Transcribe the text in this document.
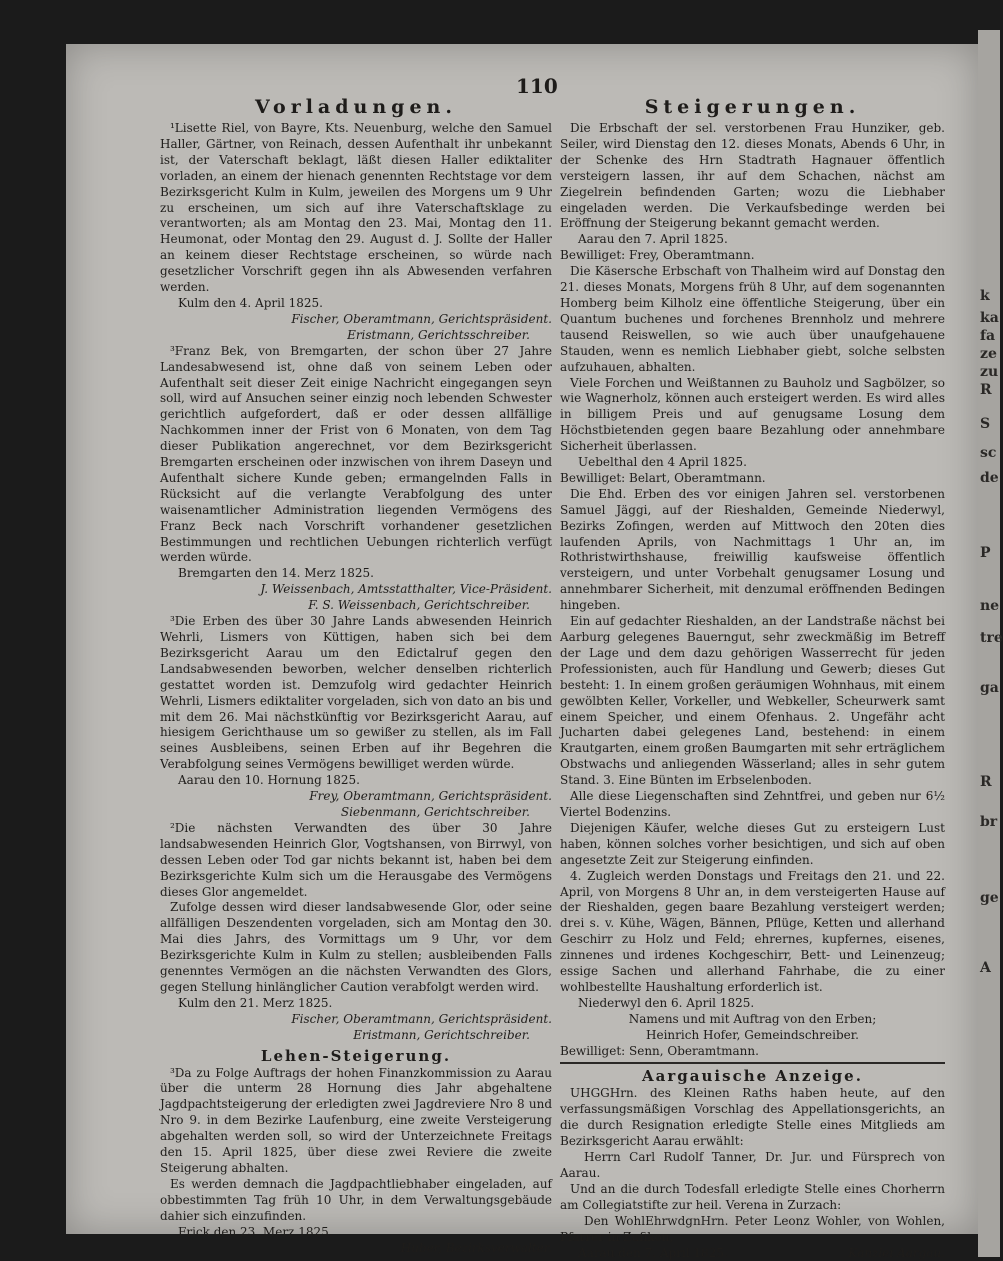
k
ka
fa
ze
zu
R
S
sc
de
P
ne
tre
ga
R
br
ge
A
110
Vorladungen.

¹Lisette Riel, von Bayre, Kts. Neuenburg, welche den Samuel Haller, Gärtner, von Reinach, dessen Aufenthalt ihr unbekannt ist, der Vaterschaft beklagt, läßt diesen Haller ediktaliter vorladen, an einem der hienach genennten Rechtstage vor dem Bezirksgericht Kulm in Kulm, jeweilen des Morgens um 9 Uhr zu erscheinen, um sich auf ihre Vaterschaftsklage zu verantworten; als am Montag den 23. Mai, Montag den 11. Heumonat, oder Montag den 29. August d. J. Sollte der Haller an keinem dieser Rechtstage erscheinen, so würde nach gesetzlicher Vorschrift gegen ihn als Abwesenden verfahren werden.

Kulm den 4. April 1825.

Fischer, Oberamtmann, Gerichtspräsident.

Eristmann, Gerichtsschreiber.

³Franz Bek, von Bremgarten, der schon über 27 Jahre Landesabwesend ist, ohne daß von seinem Leben oder Aufenthalt seit dieser Zeit einige Nachricht eingegangen seyn soll, wird auf Ansuchen seiner einzig noch lebenden Schwester gerichtlich aufgefordert, daß er oder dessen allfällige Nachkommen inner der Frist von 6 Monaten, von dem Tag dieser Publikation angerechnet, vor dem Bezirksgericht Bremgarten erscheinen oder inzwischen von ihrem Daseyn und Aufenthalt sichere Kunde geben; ermangelnden Falls in Rücksicht auf die verlangte Verabfolgung des unter waisenamtlicher Administration liegenden Vermögens des Franz Beck nach Vorschrift vorhandener gesetzlichen Bestimmungen und rechtlichen Uebungen richterlich verfügt werden würde.

Bremgarten den 14. Merz 1825.

J. Weissenbach, Amtsstatthalter, Vice-Präsident.

F. S. Weissenbach, Gerichtschreiber.

³Die Erben des über 30 Jahre Lands abwesenden Heinrich Wehrli, Lismers von Küttigen, haben sich bei dem Bezirksgericht Aarau um den Edictalruf gegen den Landsabwesenden beworben, welcher denselben richterlich gestattet worden ist. Demzufolg wird gedachter Heinrich Wehrli, Lismers ediktaliter vorgeladen, sich von dato an bis und mit dem 26. Mai nächstkünftig vor Bezirksgericht Aarau, auf hiesigem Gerichthause um so gewißer zu stellen, als im Fall seines Ausbleibens, seinen Erben auf ihr Begehren die Verabfolgung seines Vermögens bewilliget werden würde.

Aarau den 10. Hornung 1825.

Frey, Oberamtmann, Gerichtspräsident.

Siebenmann, Gerichtschreiber.

²Die nächsten Verwandten des über 30 Jahre landsabwesenden Heinrich Glor, Vogtshansen, von Birrwyl, von dessen Leben oder Tod gar nichts bekannt ist, haben bei dem Bezirksgerichte Kulm sich um die Herausgabe des Vermögens dieses Glor angemeldet.

Zufolge dessen wird dieser landsabwesende Glor, oder seine allfälligen Deszendenten vorgeladen, sich am Montag den 30. Mai dies Jahrs, des Vormittags um 9 Uhr, vor dem Bezirksgerichte Kulm in Kulm zu stellen; ausbleibenden Falls genenntes Vermögen an die nächsten Verwandten des Glors, gegen Stellung hinlänglicher Caution verabfolgt werden wird.

Kulm den 21. Merz 1825.

Fischer, Oberamtmann, Gerichtspräsident.

Eristmann, Gerichtschreiber.

Lehen-Steigerung.

³Da zu Folge Auftrags der hohen Finanzkommission zu Aarau über die unterm 28 Hornung dies Jahr abgehaltene Jagdpachtsteigerung der erledigten zwei Jagdreviere Nro 8 und Nro 9. in dem Bezirke Laufenburg, eine zweite Versteigerung abgehalten werden soll, so wird der Unterzeichnete Freitags den 15. April 1825, über diese zwei Reviere die zweite Steigerung abhalten.

Es werden demnach die Jagdpachtliebhaber eingeladen, auf obbestimmten Tag früh 10 Uhr, in dem Verwaltungsgebäude dahier sich einzufinden.

Frick den 23. Merz 1825.

Huber, Bezirksverwalter.

Steigerungen.

Die Erbschaft der sel. verstorbenen Frau Hunziker, geb. Seiler, wird Dienstag den 12. dieses Monats, Abends 6 Uhr, in der Schenke des Hrn Stadtrath Hagnauer öffentlich versteigern lassen, ihr auf dem Schachen, nächst am Ziegelrein befindenden Garten; wozu die Liebhaber eingeladen werden. Die Verkaufsbedinge werden bei Eröffnung der Steigerung bekannt gemacht werden.

Aarau den 7. April 1825.

Bewilliget: Frey, Oberamtmann.

Die Käsersche Erbschaft von Thalheim wird auf Donstag den 21. dieses Monats, Morgens früh 8 Uhr, auf dem sogenannten Homberg beim Kilholz eine öffentliche Steigerung, über ein Quantum buchenes und forchenes Brennholz und mehrere tausend Reiswellen, so wie auch über unaufgehauene Stauden, wenn es nemlich Liebhaber giebt, solche selbsten aufzuhauen, abhalten.

Viele Forchen und Weißtannen zu Bauholz und Sagbölzer, so wie Wagnerholz, können auch ersteigert werden. Es wird alles in billigem Preis und auf genugsame Losung dem Höchstbietenden gegen baare Bezahlung oder annehmbare Sicherheit überlassen.

Uebelthal den 4 April 1825.

Bewilliget: Belart, Oberamtmann.

Die Ehd. Erben des vor einigen Jahren sel. verstorbenen Samuel Jäggi, auf der Rieshalden, Gemeinde Niederwyl, Bezirks Zofingen, werden auf Mittwoch den 20ten dies laufenden Aprils, von Nachmittags 1 Uhr an, im Rothristwirthshause, freiwillig kaufsweise öffentlich versteigern, und unter Vorbehalt genugsamer Losung und annehmbarer Sicherheit, mit denzumal eröffnenden Bedingen hingeben.

Ein auf gedachter Rieshalden, an der Landstraße nächst bei Aarburg gelegenes Bauerngut, sehr zweckmäßig im Betreff der Lage und dem dazu gehörigen Wasserrecht für jeden Professionisten, auch für Handlung und Gewerb; dieses Gut besteht: 1. In einem großen geräumigen Wohnhaus, mit einem gewölbten Keller, Vorkeller, und Webkeller, Scheurwerk samt einem Speicher, und einem Ofenhaus. 2. Ungefähr acht Jucharten dabei gelegenes Land, bestehend: in einem Krautgarten, einem großen Baumgarten mit sehr erträglichem Obstwachs und anliegenden Wässerland; alles in sehr gutem Stand. 3. Eine Bünten im Erbselenboden.

Alle diese Liegenschaften sind Zehntfrei, und geben nur 6½ Viertel Bodenzins.

Diejenigen Käufer, welche dieses Gut zu ersteigern Lust haben, können solches vorher besichtigen, und sich auf oben angesetzte Zeit zur Steigerung einfinden.

4. Zugleich werden Donstags und Freitags den 21. und 22. April, von Morgens 8 Uhr an, in dem versteigerten Hause auf der Rieshalden, gegen baare Bezahlung versteigert werden; drei s. v. Kühe, Wägen, Bännen, Pflüge, Ketten und allerhand Geschirr zu Holz und Feld; ehrernes, kupfernes, eisenes, zinnenes und irdenes Kochgeschirr, Bett- und Leinenzeug; essige Sachen und allerhand Fahrhabe, die zu einer wohlbestellte Haushaltung erforderlich ist.

Niederwyl den 6. April 1825.

Namens und mit Auftrag von den Erben;

Heinrich Hofer, Gemeindschreiber.

Bewilliget: Senn, Oberamtmann.

Aargauische Anzeige.

UHGGHrn. des Kleinen Raths haben heute, auf den verfassungsmäßigen Vorschlag des Appellationsgerichts, an die durch Resignation erledigte Stelle eines Mitglieds am Bezirksgericht Aarau erwählt:

Herrn Carl Rudolf Tanner, Dr. Jur. und Fürsprech von Aarau.

Und an die durch Todesfall erledigte Stelle eines Chorherrn am Collegiatstifte zur heil. Verena in Zurzach:

Den WohlEhrwdgnHrn. Peter Leonz Wohler, von Wohlen, Pfarrer in Zufikon,

Aarau den 7. April 1825.	Kanzlei Aargau.
